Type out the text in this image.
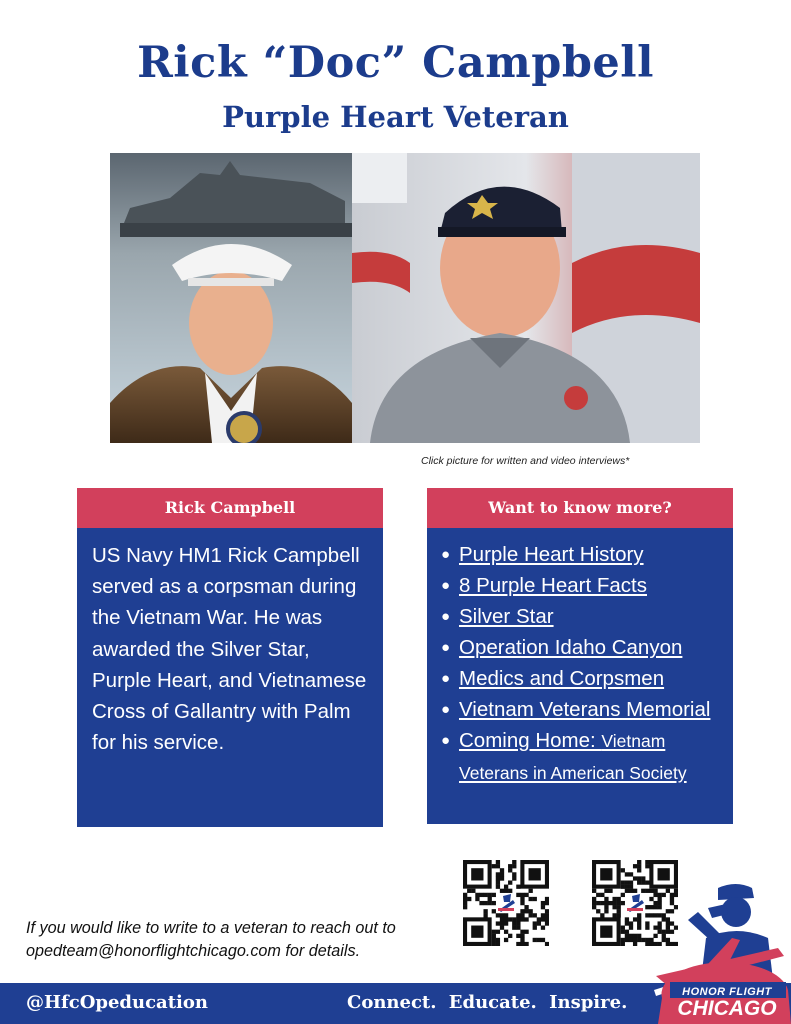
Rick “Doc” Campbell
Purple Heart Veteran
Click picture for written and video interviews*
Rick Campbell
US Navy HM1 Rick Campbell served as a corpsman during the Vietnam War. He was awarded the Silver Star, Purple Heart, and Vietnamese Cross of Gallantry with Palm for his service.
Want to know more?
● Purple Heart History
● 8 Purple Heart Facts
● Silver Star
● Operation Idaho Canyon
● Medics and Corpsmen
● Vietnam Veterans Memorial
● Coming Home: Vietnam Veterans in American Society
If you would like to write to a veteran to reach out to
opedteam@honorflightchicago.com for details.
@HfcOpeducation	Connect. Educate. Inspire.	HONOR FLIGHT
CHICAGO
